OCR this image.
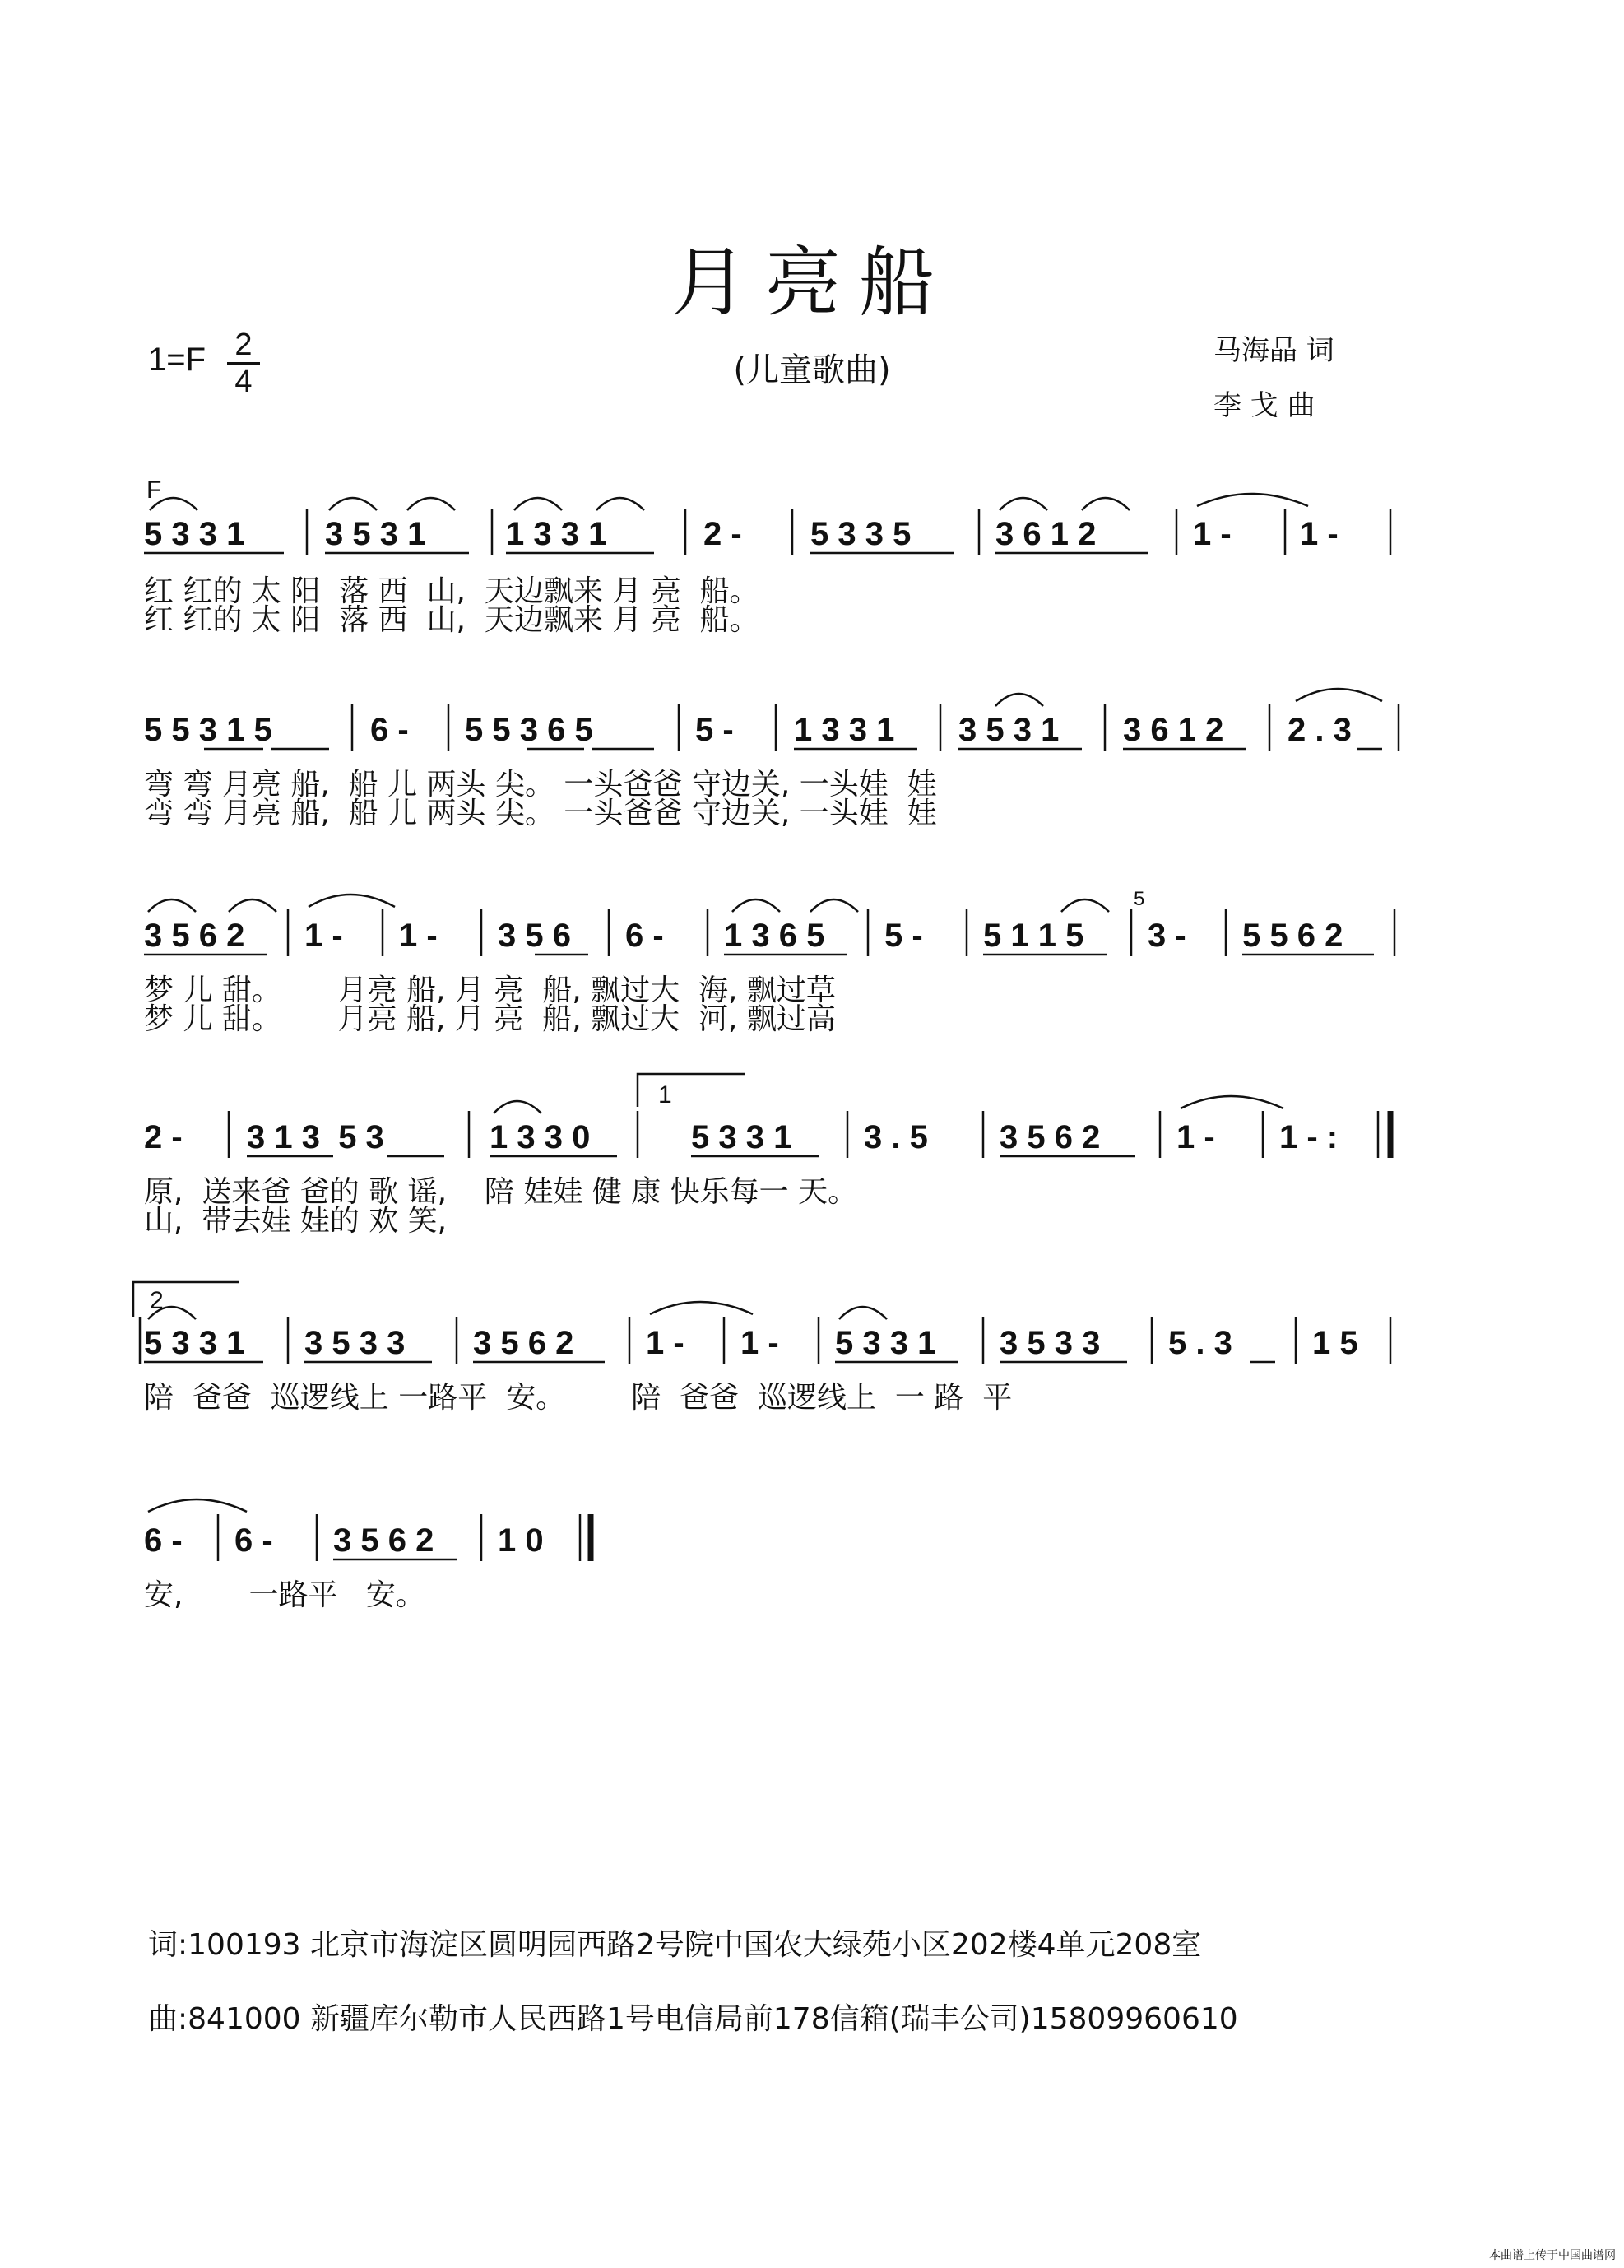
月亮船
(儿童歌曲)
1=F 2
4
马海晶 词
李 戈 曲
F
5 3 3 1 3 5 3 1 1 3 3 1	2 - 5 3 3 5	3 6 1 2	1 - 1 -
红 红的 太 阳  落 西  山,  天边飘来 月 亮  船。
红 红的 太 阳  落 西  山,  天边飘来 月 亮  船。
5 5 3 1 5	6 - 5 5 3 6 5	5 - 1 3 3 1 3 5 3 1 3 6 1 2 2 . 3
弯 弯 月亮 船,  船 儿 两头 尖。 一头爸爸 守边关, 一头娃  娃
弯 弯 月亮 船,  船 儿 两头 尖。 一头爸爸 守边关, 一头娃  娃
3 5 6 2 1 - 1 - 3 5 6 6 - 1 3 6 5 5 - 5 1 1 5 3 - 5 5 6 2
5
梦 儿 甜。      月亮 船, 月 亮  船, 飘过大  海, 飘过草
梦 儿 甜。      月亮 船, 月 亮  船, 飘过大  河, 飘过高
1
2 - 3 1 3  5 3	1 3 3 0	5 3 3 1 3 . 5 3 5 6 2 1 - 1 - :
原,  送来爸 爸的 歌 谣,    陪 娃娃 健 康 快乐每一 天。
山,  带去娃 娃的 欢 笑,
2
5 3 3 1 3 5 3 3 3 5 6 2 1 - 1 - 5 3 3 1 3 5 3 3 5 . 3 1 5
陪  爸爸  巡逻线上 一路平  安。       陪  爸爸  巡逻线上  一 路  平
6 - 6 - 3 5 6 2 1 0
安,       一路平   安。
词:100193 北京市海淀区圆明园西路2号院中国农大绿苑小区202楼4单元208室
曲:841000 新疆库尔勒市人民西路1号电信局前178信箱(瑞丰公司)15809960610
本曲谱上传于中国曲谱网
